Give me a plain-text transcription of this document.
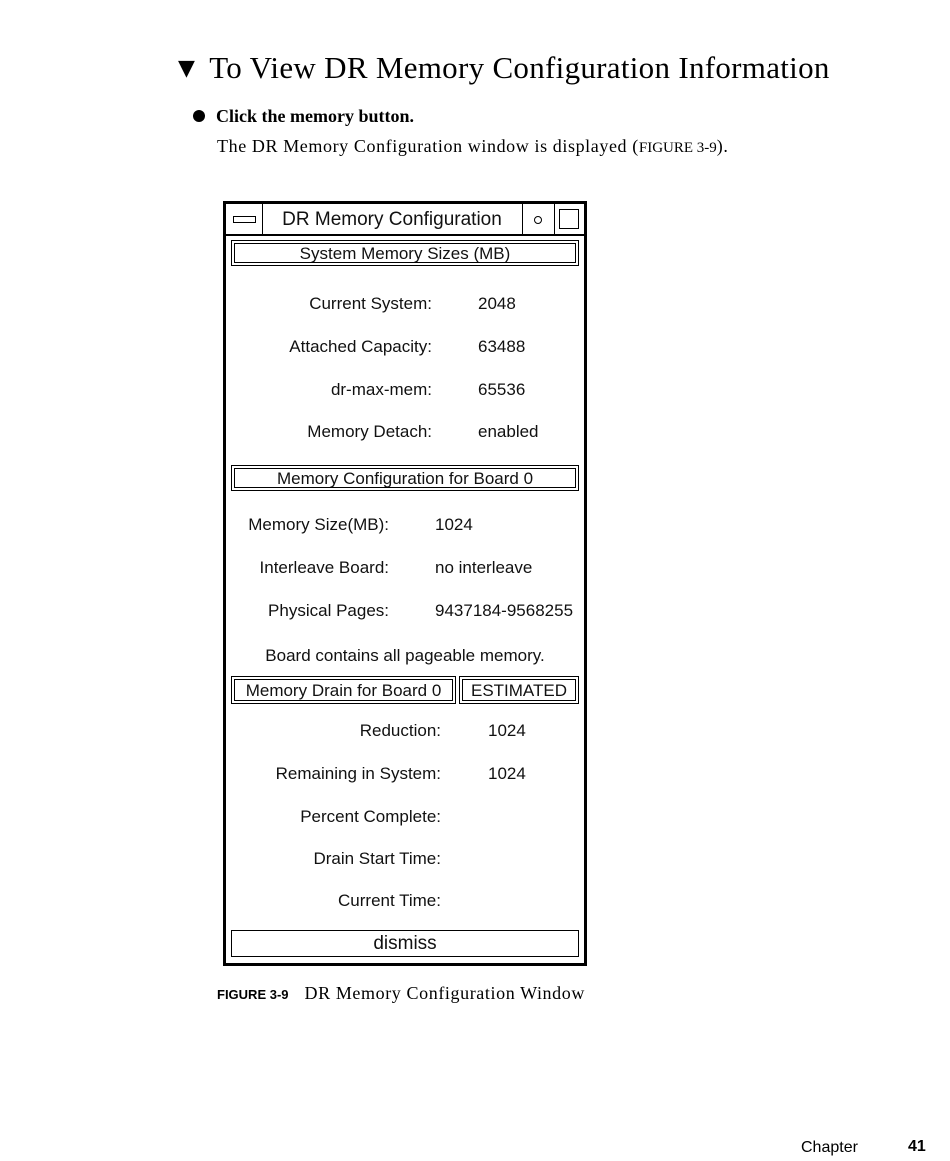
▼ To View DR Memory Configuration Information
Click the memory button.
The DR Memory Configuration window is displayed (FIGURE 3-9).
DR Memory Configuration
System Memory Sizes (MB)
Current System:	2048
Attached Capacity:	63488
dr-max-mem:	65536
Memory Detach:	enabled
Memory Configuration for Board 0
Memory Size(MB):	1024
Interleave Board:	no interleave
Physical Pages:	9437184-9568255
Board contains all pageable memory.
Memory Drain for Board 0	ESTIMATED
Reduction:	1024
Remaining in System:	1024
Percent Complete:
Drain Start Time:
Current Time:
dismiss
FIGURE 3-9 DR Memory Configuration Window
Chapter	41
